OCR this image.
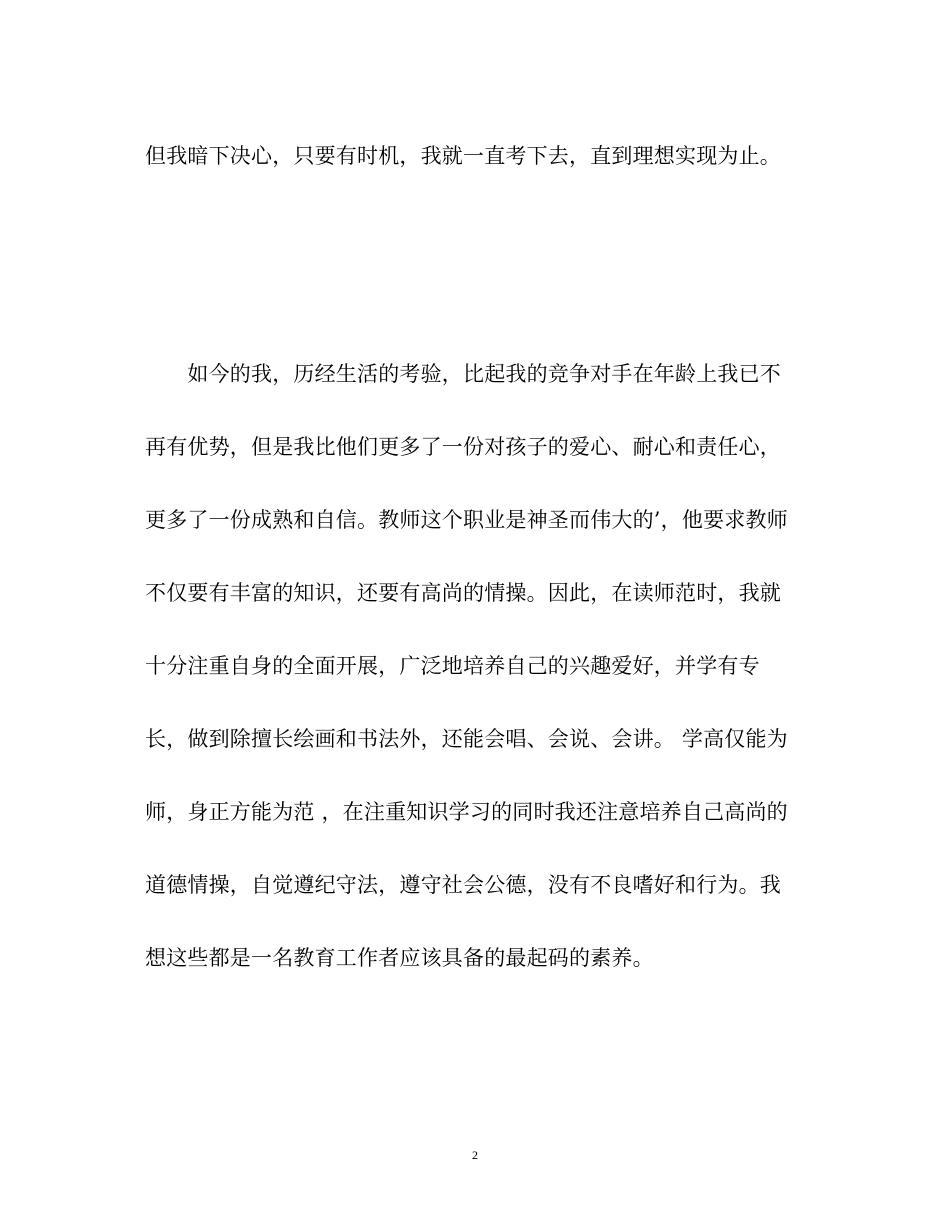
但我暗下决心，只要有时机，我就一直考下去，直到理想实现为止。
　　如今的我，历经生活的考验，比起我的竞争对手在年龄上我已不
再有优势，但是我比他们更多了一份对孩子的爱心、耐心和责任心，
更多了一份成熟和自信。教师这个职业是神圣而伟大的’，他要求教师
不仅要有丰富的知识，还要有高尚的情操。因此，在读师范时，我就
十分注重自身的全面开展，广泛地培养自己的兴趣爱好，并学有专
长，做到除擅长绘画和书法外，还能会唱、会说、会讲。 学高仅能为
师，身正方能为范 ，在注重知识学习的同时我还注意培养自己高尚的
道德情操，自觉遵纪守法，遵守社会公德，没有不良嗜好和行为。我
想这些都是一名教育工作者应该具备的最起码的素养。
2
